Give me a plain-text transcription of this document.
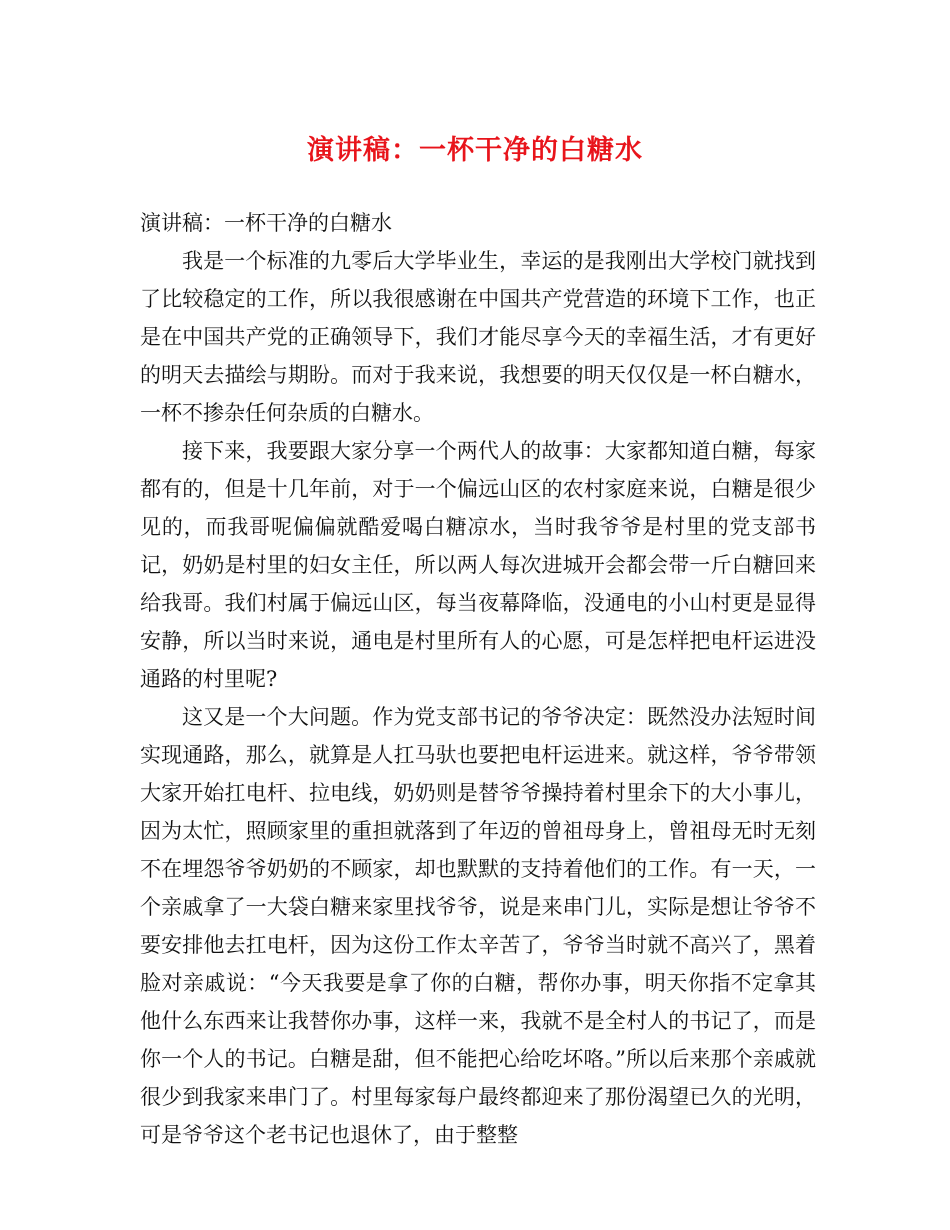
演讲稿：一杯干净的白糖水

演讲稿：一杯干净的白糖水

我是一个标准的九零后大学毕业生，幸运的是我刚出大学校门就找到了比较稳定的工作，所以我很感谢在中国共产党营造的环境下工作，也正是在中国共产党的正确领导下，我们才能尽享今天的幸福生活，才有更好的明天去描绘与期盼。而对于我来说，我想要的明天仅仅是一杯白糖水，一杯不掺杂任何杂质的白糖水。

接下来，我要跟大家分享一个两代人的故事：大家都知道白糖，每家都有的，但是十几年前，对于一个偏远山区的农村家庭来说，白糖是很少见的，而我哥呢偏偏就酷爱喝白糖凉水，当时我爷爷是村里的党支部书记，奶奶是村里的妇女主任，所以两人每次进城开会都会带一斤白糖回来给我哥。我们村属于偏远山区，每当夜幕降临，没通电的小山村更是显得安静，所以当时来说，通电是村里所有人的心愿，可是怎样把电杆运进没通路的村里呢?

这又是一个大问题。作为党支部书记的爷爷决定：既然没办法短时间实现通路，那么，就算是人扛马驮也要把电杆运进来。就这样，爷爷带领大家开始扛电杆、拉电线，奶奶则是替爷爷操持着村里余下的大小事儿，因为太忙，照顾家里的重担就落到了年迈的曾祖母身上，曾祖母无时无刻不在埋怨爷爷奶奶的不顾家，却也默默的支持着他们的工作。有一天，一个亲戚拿了一大袋白糖来家里找爷爷，说是来串门儿，实际是想让爷爷不要安排他去扛电杆，因为这份工作太辛苦了，爷爷当时就不高兴了，黑着脸对亲戚说：“今天我要是拿了你的白糖，帮你办事，明天你指不定拿其他什么东西来让我替你办事，这样一来，我就不是全村人的书记了，而是你一个人的书记。白糖是甜，但不能把心给吃坏咯。”所以后来那个亲戚就很少到我家来串门了。村里每家每户最终都迎来了那份渴望已久的光明，可是爷爷这个老书记也退休了，由于整整
